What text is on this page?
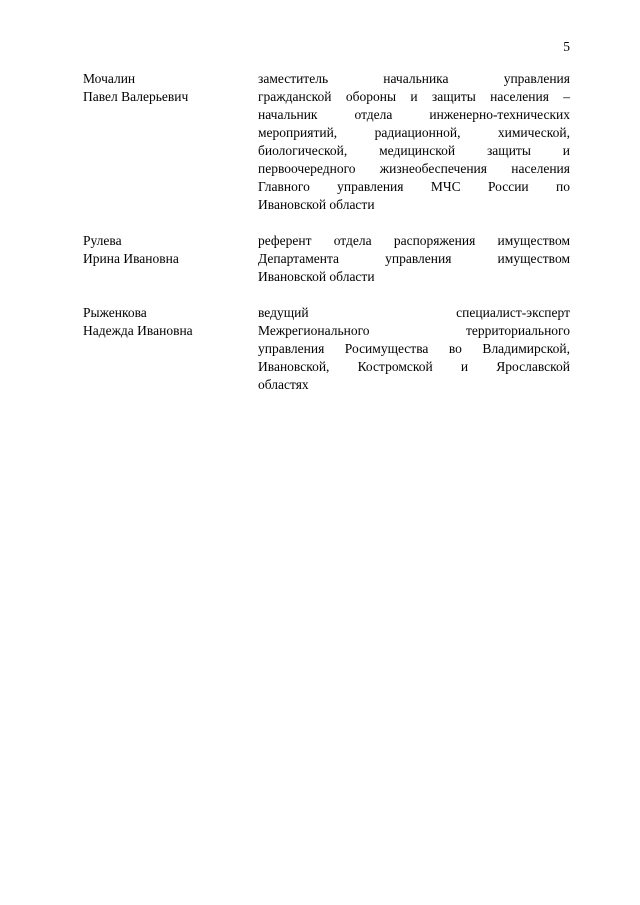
5
Мочалин
Павел Валерьевич
заместитель начальника управления
гражданской обороны и защиты населения –
начальник отдела инженерно-технических
мероприятий, радиационной, химической,
биологической, медицинской защиты и
первоочередного жизнеобеспечения населения
Главного управления МЧС России по
Ивановской области
Рулева
Ирина Ивановна
референт отдела распоряжения имуществом
Департамента управления имуществом
Ивановской области
Рыженкова
Надежда Ивановна
ведущий специалист-эксперт
Межрегионального территориального
управления Росимущества во Владимирской,
Ивановской, Костромской и Ярославской
областях
